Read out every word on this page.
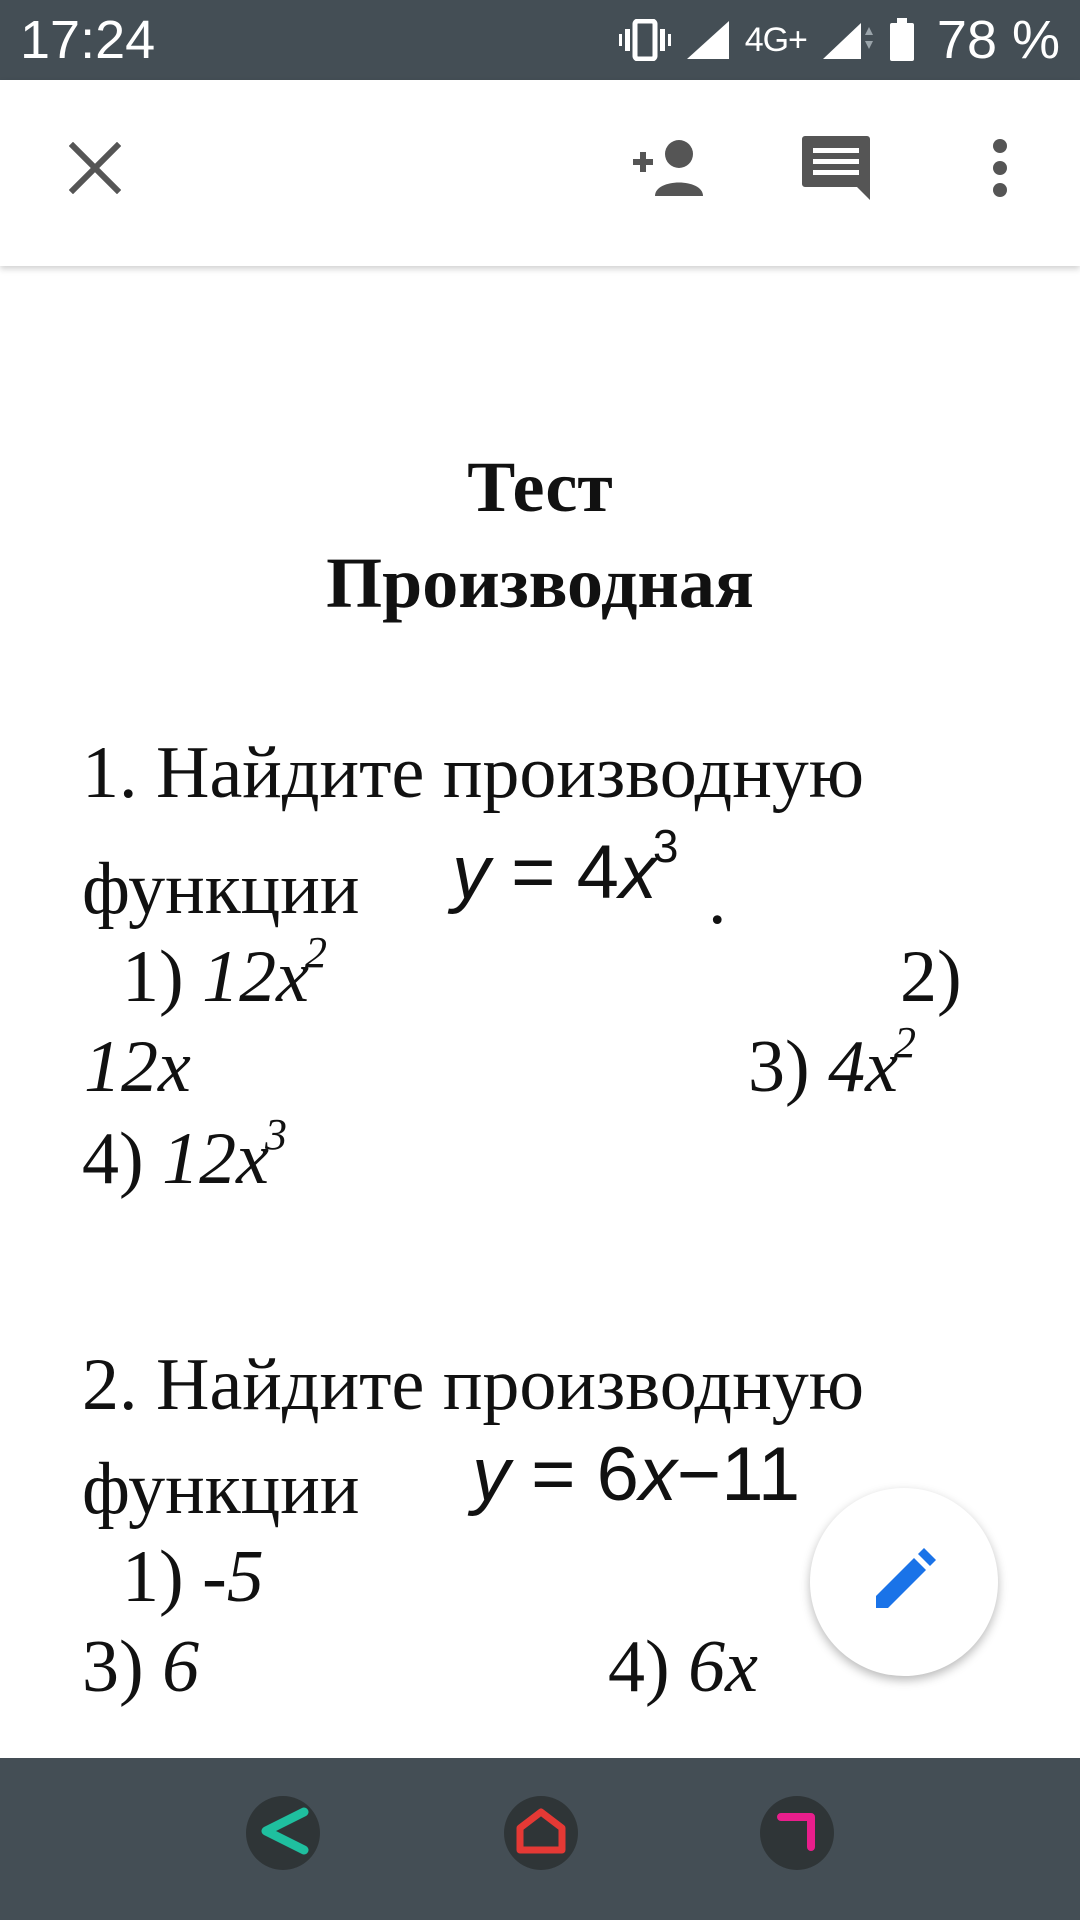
17:24	4G+ 78 %
Тест
Производная
1. Найдите производную
функции $y = 4x^3$
.
1) $12x^2$	2)
12x	3) $4x^2$
4) $12x^3$
2. Найдите производную
функции y = 6x−11
1) -5
3) 6	4) 6x
